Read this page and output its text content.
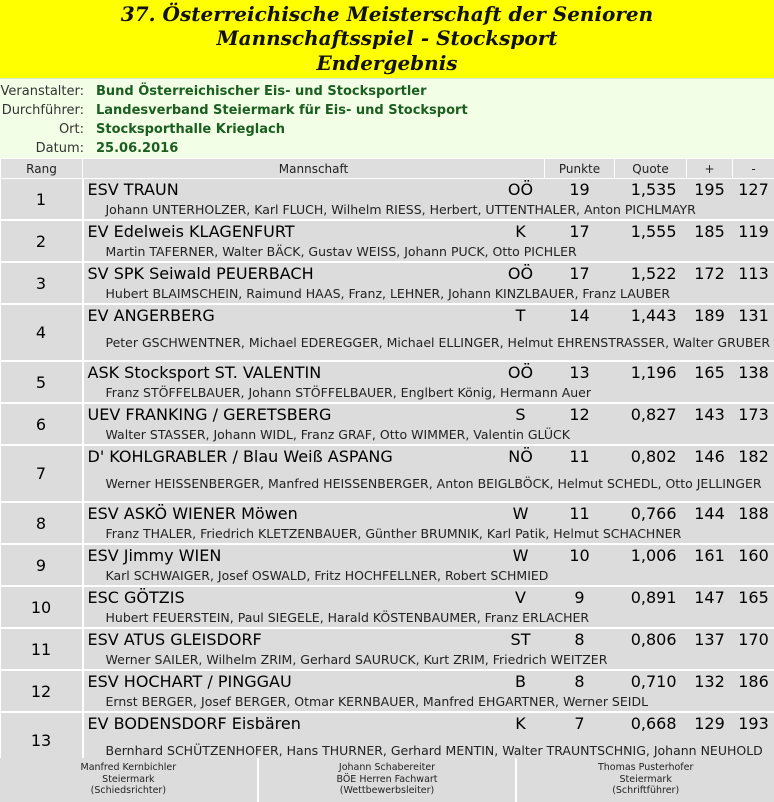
37. Österreichische Meisterschaft der Senioren
Mannschaftsspiel - Stocksport
Endergebnis
Veranstalter: Bund Österreichischer Eis- und Stocksportler
Durchführer: Landesverband Steiermark für Eis- und Stocksport
Ort: Stocksporthalle Krieglach
Datum: 25.06.2016
Rang	Mannschaft		Punkte	Quote	+	-
1	ESV TRAUN	OÖ	19	1,535	195	127
	Johann UNTERHOLZER, Karl FLUCH, Wilhelm RIESS, Herbert, UTTENTHALER, Anton PICHLMAYR					

2	EV Edelweis KLAGENFURT	K	17	1,555	185	119
	Martin TAFERNER, Walter BÄCK, Gustav WEISS, Johann PUCK, Otto PICHLER					

3	SV SPK Seiwald PEUERBACH	OÖ	17	1,522	172	113
	Hubert BLAIMSCHEIN, Raimund HAAS, Franz, LEHNER, Johann KINZLBAUER, Franz LAUBER					

4	EV ANGERBERG	T	14	1,443	189	131
	Peter GSCHWENTNER, Michael EDEREGGER, Michael ELLINGER, Helmut EHRENSTRASSER, Walter GRUBER					

5	ASK Stocksport ST. VALENTIN	OÖ	13	1,196	165	138
	Franz STÖFFELBAUER, Johann STÖFFELBAUER, Englbert König, Hermann Auer					

6	UEV FRANKING / GERETSBERG	S	12	0,827	143	173
	Walter STASSER, Johann WIDL, Franz GRAF, Otto WIMMER, Valentin GLÜCK					

7	D' KOHLGRABLER / Blau Weiß ASPANG	NÖ	11	0,802	146	182
	Werner HEISSENBERGER, Manfred HEISSENBERGER, Anton BEIGLBÖCK, Helmut SCHEDL, Otto JELLINGER					

8	ESV ASKÖ WIENER Möwen	W	11	0,766	144	188
	Franz THALER, Friedrich KLETZENBAUER, Günther BRUMNIK, Karl Patik, Helmut SCHACHNER					

9	ESV Jimmy WIEN	W	10	1,006	161	160
	Karl SCHWAIGER, Josef OSWALD, Fritz HOCHFELLNER, Robert SCHMIED					

10	ESC GÖTZIS	V	9	0,891	147	165
	Hubert FEUERSTEIN, Paul SIEGELE, Harald KÖSTENBAUMER, Franz ERLACHER					

11	ESV ATUS GLEISDORF	ST	8	0,806	137	170
	Werner SAILER, Wilhelm ZRIM, Gerhard SAURUCK, Kurt ZRIM, Friedrich WEITZER					

12	ESV HOCHART / PINGGAU	B	8	0,710	132	186
	Ernst BERGER, Josef BERGER, Otmar KERNBAUER, Manfred EHGARTNER, Werner SEIDL					

13	EV BODENSDORF Eisbären	K	7	0,668	129	193
	Bernhard SCHÜTZENHOFER, Hans THURNER, Gerhard MENTIN, Walter TRAUNTSCHNIG, Johann NEUHOLD					

Manfred Kernbichler
Steiermark
(Schiedsrichter)
Johann Schabereiter
BÖE Herren Fachwart
(Wettbewerbsleiter)
Thomas Pusterhofer
Steiermark
(Schriftführer)
